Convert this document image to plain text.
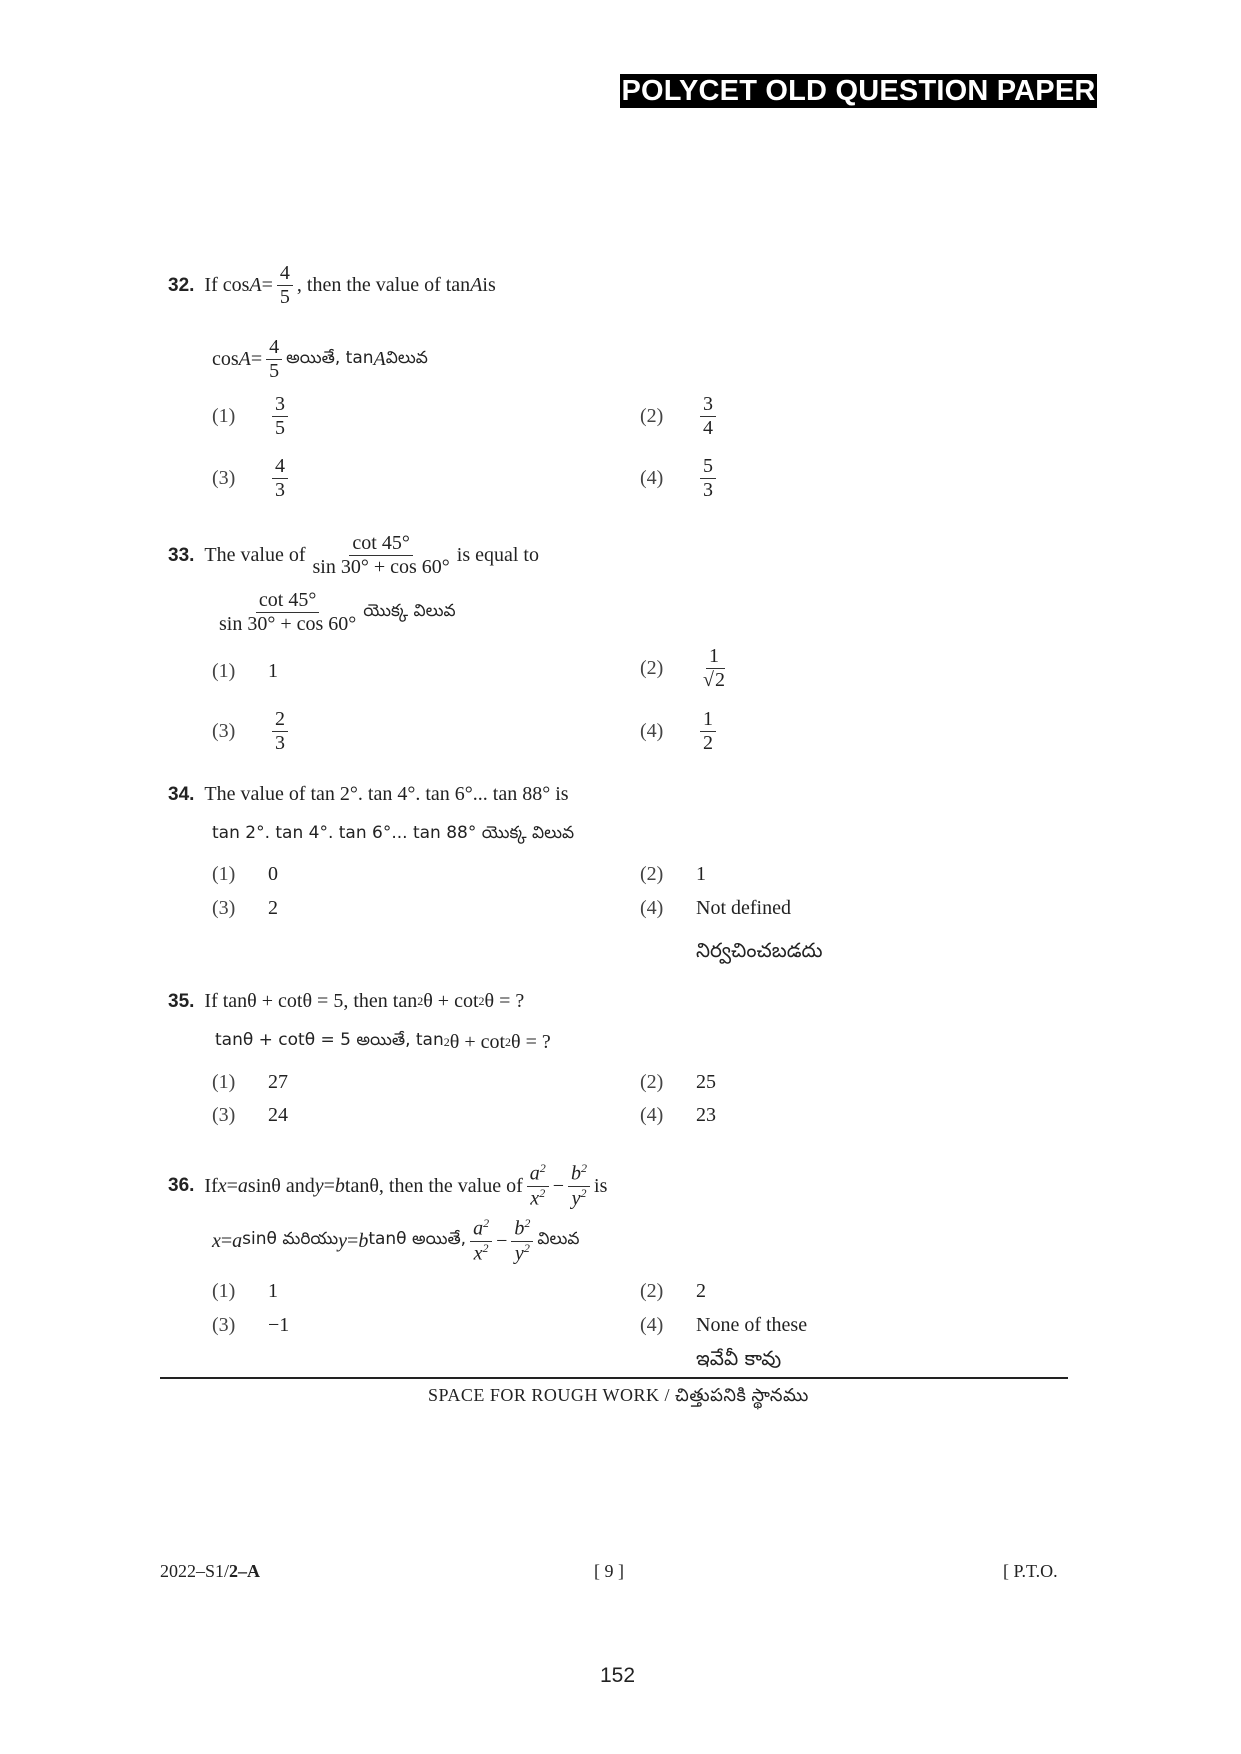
POLYCET OLD QUESTION PAPER
32. If $\cos A = \frac{4}{5}$ , then the value of tan A is
$\cos A = \frac{4}{5}$ అయితే, tan A విలువ
(1)	$\frac{3}{5}$	(2)	$\frac{3}{4}$
(3)	$\frac{4}{3}$	(4)	$\frac{5}{3}$
33. The value of $\frac{\cot 45^\circ}{\sin 30^\circ + \cos 60^\circ}$ is equal to
$\frac{\cot 45^\circ}{\sin 30^\circ + \cos 60^\circ}$ యొక్క విలువ
(1)	1	(2)	$\frac{1}{√2}$
(3)	$\frac{2}{3}$	(4)	$\frac{1}{2}$
34. The value of tan 2°. tan 4°. tan 6°... tan 88° is
tan 2°. tan 4°. tan 6°... tan 88° యొక్క విలువ
(1)	0	(2)	1
(3)	2	(4)	Not defined
నిర్వచించబడదు
35. If tanθ + cotθ = 5, then tan 2 θ + cot 2 θ = ?
tanθ + cotθ = 5 అయితే, tan 2 θ + cot 2 θ = ?
(1)	27	(2)	25
(3)	24	(4)	23
36. If x = a sinθ and y = b tanθ, then the value of $\frac{a^2}{x^2} - \frac{b^2}{y^2}$ is
x = a sinθ మరియు y = b tanθ అయితే, $\frac{a^2}{x^2} - \frac{b^2}{y^2}$ విలువ
(1)	1	(2)	2
(3)	−1	(4)	None of these
ఇవేవీ కావు
SPACE FOR ROUGH WORK / చిత్తుపనికి స్థానము
2022–S1/2–A	[ 9 ]	[ P.T.O.
152
